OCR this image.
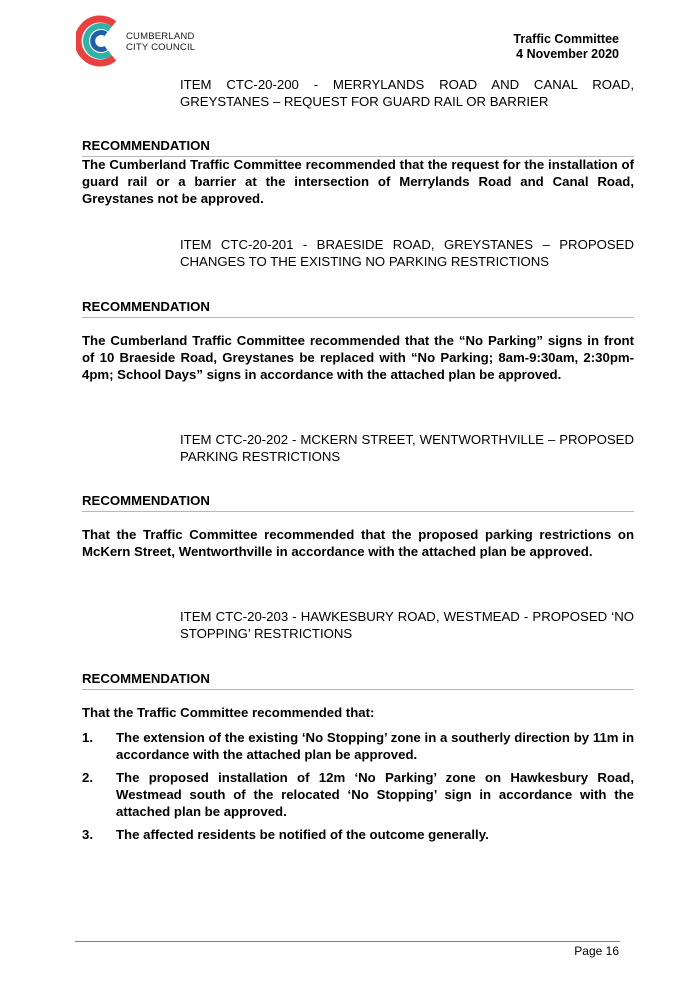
CUMBERLAND
CITY COUNCIL
Traffic Committee
4 November 2020
ITEM CTC-20-200 - MERRYLANDS ROAD AND CANAL ROAD, GREYSTANES – REQUEST FOR GUARD RAIL OR BARRIER
RECOMMENDATION
The Cumberland Traffic Committee recommended that the request for the installation of guard rail or a barrier at the intersection of Merrylands Road and Canal Road, Greystanes not be approved.
ITEM CTC-20-201 - BRAESIDE ROAD, GREYSTANES – PROPOSED CHANGES TO THE EXISTING NO PARKING RESTRICTIONS
RECOMMENDATION
The Cumberland Traffic Committee recommended that the “No Parking” signs in front of 10 Braeside Road, Greystanes be replaced with “No Parking; 8am-9:30am, 2:30pm-4pm; School Days” signs in accordance with the attached plan be approved.
ITEM CTC-20-202 - MCKERN STREET, WENTWORTHVILLE – PROPOSED PARKING RESTRICTIONS
RECOMMENDATION
That the Traffic Committee recommended that the proposed parking restrictions on McKern Street, Wentworthville in accordance with the attached plan be approved.
ITEM CTC-20-203 - HAWKESBURY ROAD, WESTMEAD - PROPOSED ‘NO STOPPING’ RESTRICTIONS
RECOMMENDATION
That the Traffic Committee recommended that:
1.	The extension of the existing ‘No Stopping’ zone in a southerly direction by 11m in accordance with the attached plan be approved.
2.	The proposed installation of 12m ‘No Parking’ zone on Hawkesbury Road, Westmead south of the relocated ‘No Stopping’ sign in accordance with the attached plan be approved.
3.	The affected residents be notified of the outcome generally.
Page 16
